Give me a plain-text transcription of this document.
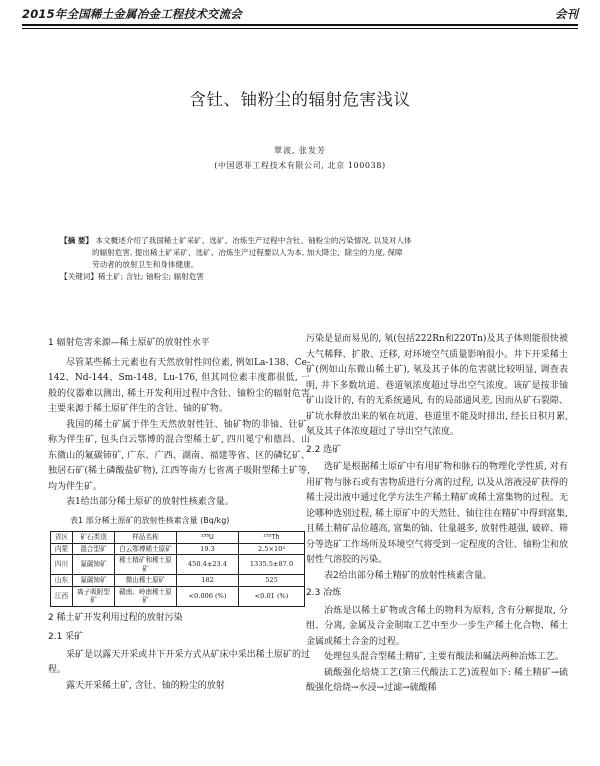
2015年全国稀土金属冶金工程技术交流会	会刊
含钍、铀粉尘的辐射危害浅议
覃波, 张发芳
(中国恩菲工程技术有限公司, 北京 100038)
【摘 要】 本文概述介绍了我国稀土矿采矿、选矿、冶炼生产过程中含钍、铀粉尘的污染情况, 以及对人体
的辐射危害, 提出稀土矿采矿、选矿、冶炼生产过程要以人为本, 加大降尘、除尘的力度, 保障
劳动者的放射卫生和身体健康。
【关键词】稀土矿; 含钍; 铀粉尘; 辐射危害
1 辐射危害来源—稀土原矿的放射性水平

尽管某些稀土元素也有天然放射性同位素, 例如La-138、Ce-142、Nd-144、Sm-148、Lu-176, 但其同位素丰度都很低, 一般的仪器难以测出, 稀土开发利用过程中含钍、铀粉尘的辐射危害主要来源于稀土原矿伴生的含钍、铀的矿物。

我国的稀土矿属于伴生天然放射性钍、铀矿物的非铀、钍矿, 称为伴生矿, 包头白云鄂博的混合型稀土矿, 四川冕宁和德昌、山东微山的氟碳铈矿, 广东、广西、湖南、福建等省、区的磷钇矿、独居石矿(稀土磷酸盐矿物), 江西等南方七省离子吸附型稀土矿等, 均为伴生矿。

表1给出部分稀土原矿的放射性核素含量。

表1 部分稀土原矿的放射性核素含量 (Bq/kg)
省区	矿石类别	样品名称	²³⁸U	²³²Th
内蒙	混合型矿	白云鄂博稀土原矿	19.3	2.5×10³
四川	氟碳铈矿	稀土精矿和稀土原矿	450.4±23.4	1335.5±87.0
山东	氟碳铈矿	微山稀土原矿	182	525
江西	离子吸附型矿	赣南、岭南稀土原矿	<0.006 (%)	<0.01 (%)
2 稀土矿开发利用过程的放射污染
2.1 采矿

采矿是以露天开采或井下开采方式从矿床中采出稀土原矿的过程。

露天开采稀土矿, 含钍、铀的粉尘的放射

污染是显而易见的, 氡(包括222Rn和220Tn)及其子体则能很快被大气稀释、扩散、迁移, 对环境空气质量影响很小。井下开采稀土矿(例如山东微山稀土矿), 氡及其子体的危害就比较明显, 调查表明, 井下多数坑道、巷道氡浓度超过导出空气浓度。该矿是按非铀矿山设计的, 有的无系统通风, 有的局部通风差, 因而从矿石裂隙、矿坑水释放出来的氡在坑道、巷道里不能及时排出, 经长日积月累, 氡及其子体浓度超过了导出空气浓度。

2.2 选矿

选矿是根据稀土原矿中有用矿物和脉石的物理化学性质, 对有用矿物与脉石或有害物质进行分离的过程, 以及从溶液浸矿获得的稀土浸出液中通过化学方法生产稀土精矿或稀土富集物的过程。无论哪种选别过程, 稀土原矿中的天然钍、铀往往在精矿中得到富集, 且稀土精矿品位越高, 富集的铀、钍量越多, 放射性越强, 破碎、筛分等选矿工作场所及环境空气将受到一定程度的含钍、铀粉尘和放射性气溶胶的污染。

表2给出部分稀土精矿的放射性核素含量。

2.3 冶炼

冶炼是以稀土矿物或含稀土的物料为原料, 含有分解提取, 分组、分离, 金属及合金制取工艺中至少一步生产稀土化合物、稀土金属或稀土合金的过程。

处理包头混合型稀土精矿, 主要有酸法和碱法两种冶炼工艺。

硫酸强化焙烧工艺(第三代酸法工艺)流程如下: 稀土精矿→硫酸强化焙烧→水浸→过滤→硫酸稀
